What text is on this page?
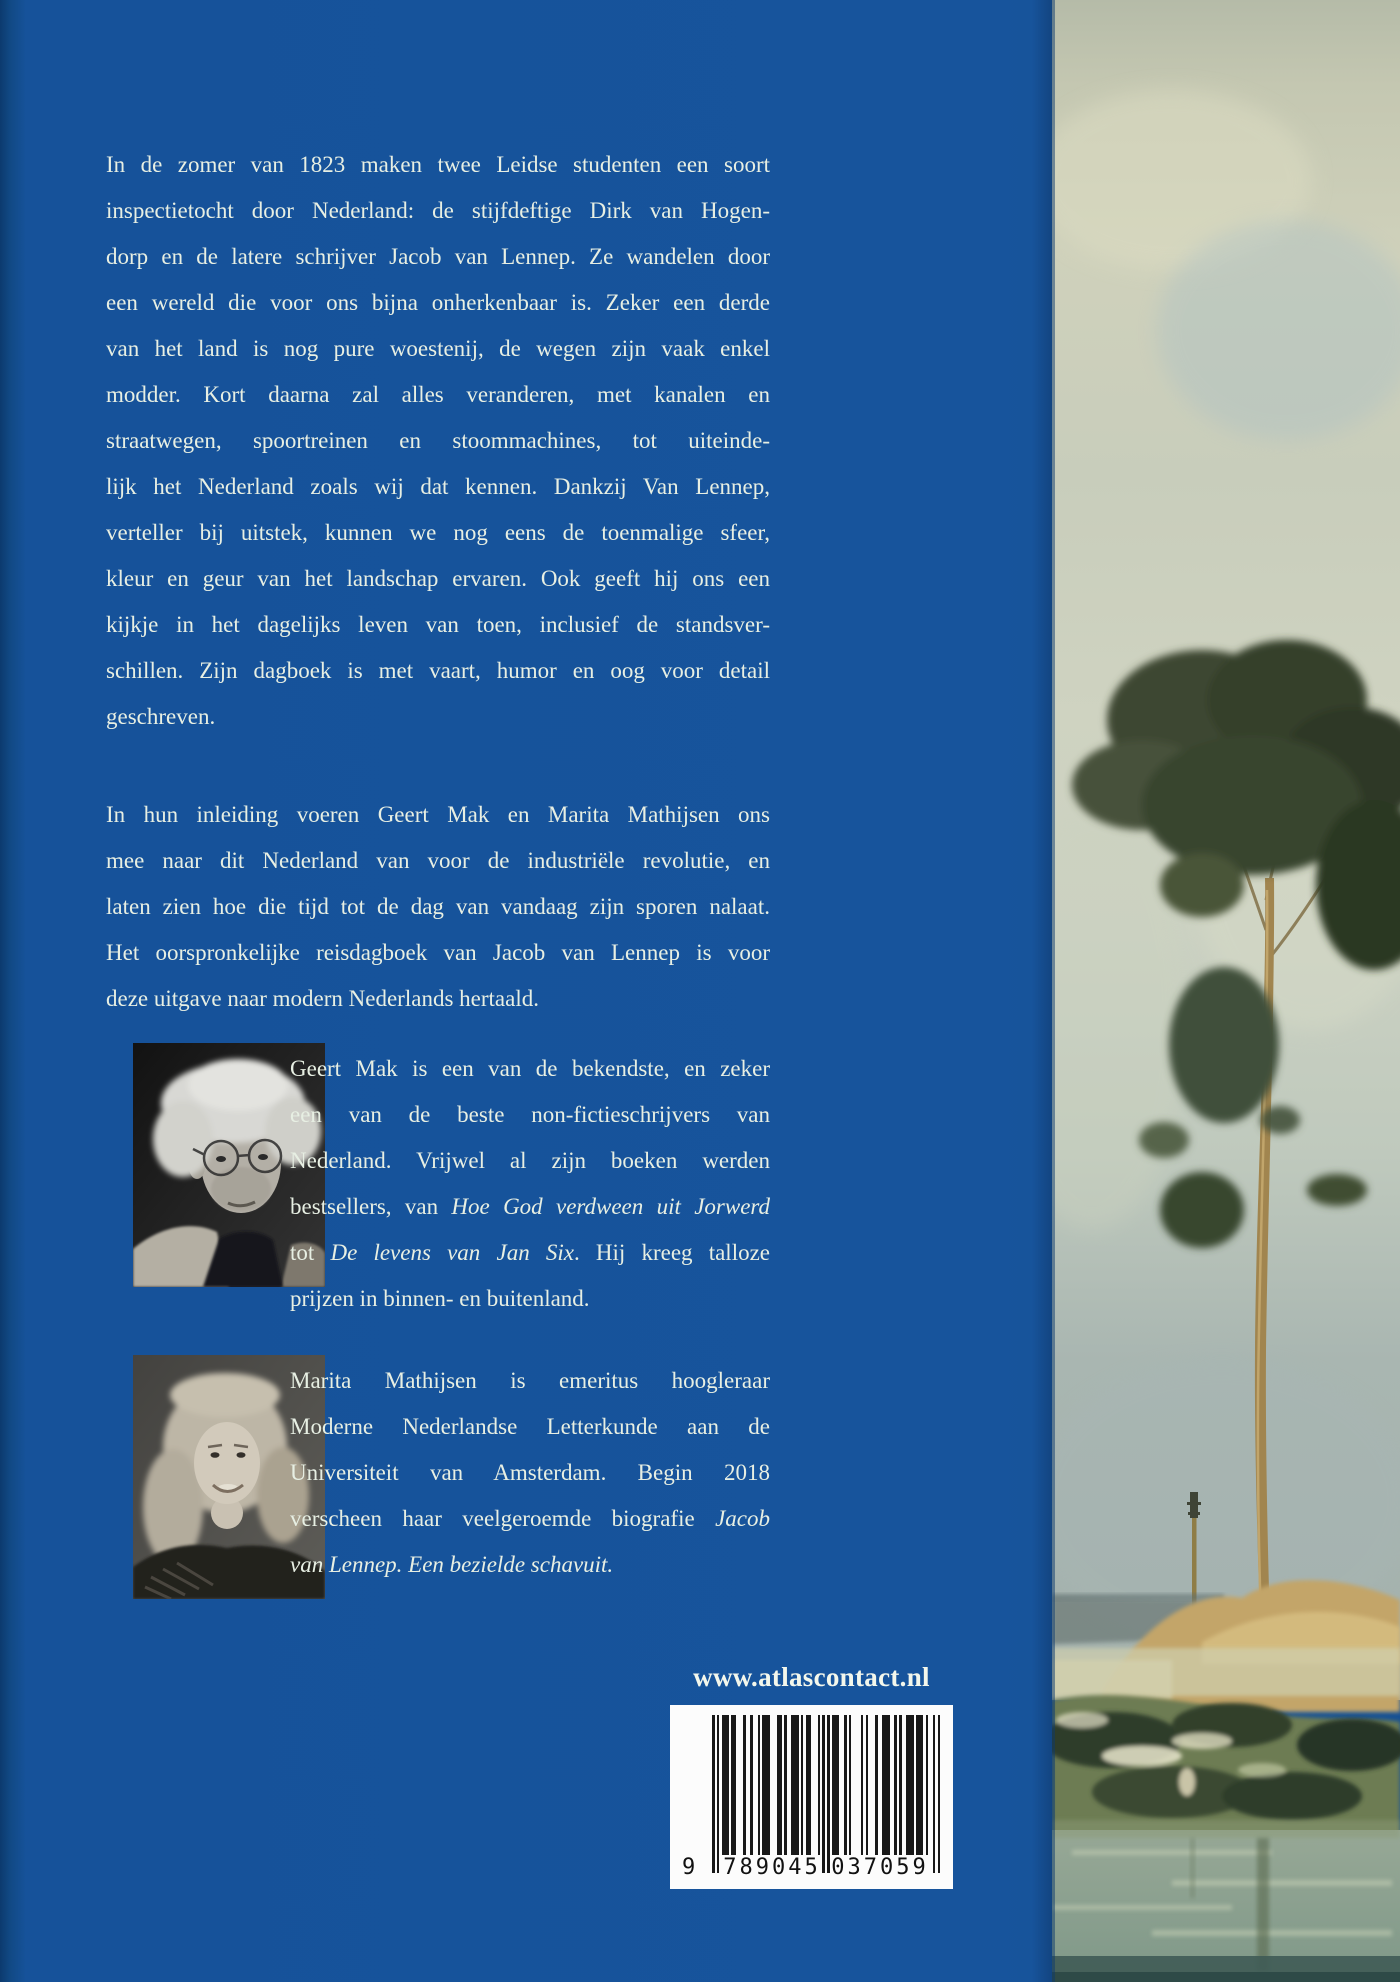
In de zomer van 1823 maken twee Leidse studenten een soort
inspectietocht door Nederland: de stijfdeftige Dirk van Hogen-
dorp en de latere schrijver Jacob van Lennep. Ze wandelen door
een wereld die voor ons bijna onherkenbaar is. Zeker een derde
van het land is nog pure woestenij, de wegen zijn vaak enkel
modder. Kort daarna zal alles veranderen, met kanalen en
straatwegen, spoortreinen en stoommachines, tot uiteinde-
lijk het Nederland zoals wij dat kennen. Dankzij Van Lennep,
verteller bij uitstek, kunnen we nog eens de toenmalige sfeer,
kleur en geur van het landschap ervaren. Ook geeft hij ons een
kijkje in het dagelijks leven van toen, inclusief de standsver-
schillen. Zijn dagboek is met vaart, humor en oog voor detail
geschreven.
In hun inleiding voeren Geert Mak en Marita Mathijsen ons
mee naar dit Nederland van voor de industriële revolutie, en
laten zien hoe die tijd tot de dag van vandaag zijn sporen nalaat.
Het oorspronkelijke reisdagboek van Jacob van Lennep is voor
deze uitgave naar modern Nederlands hertaald.
Geert Mak is een van de bekendste, en zeker
een van de beste non-fictieschrijvers van
Nederland. Vrijwel al zijn boeken werden
bestsellers, van Hoe God verdween uit Jorwerd
tot De levens van Jan Six. Hij kreeg talloze
prijzen in binnen- en buitenland.
Marita Mathijsen is emeritus hoogleraar
Moderne Nederlandse Letterkunde aan de
Universiteit van Amsterdam. Begin 2018
verscheen haar veelgeroemde biografie Jacob
van Lennep. Een bezielde schavuit.
www.atlascontact.nl
9 789045 037059
